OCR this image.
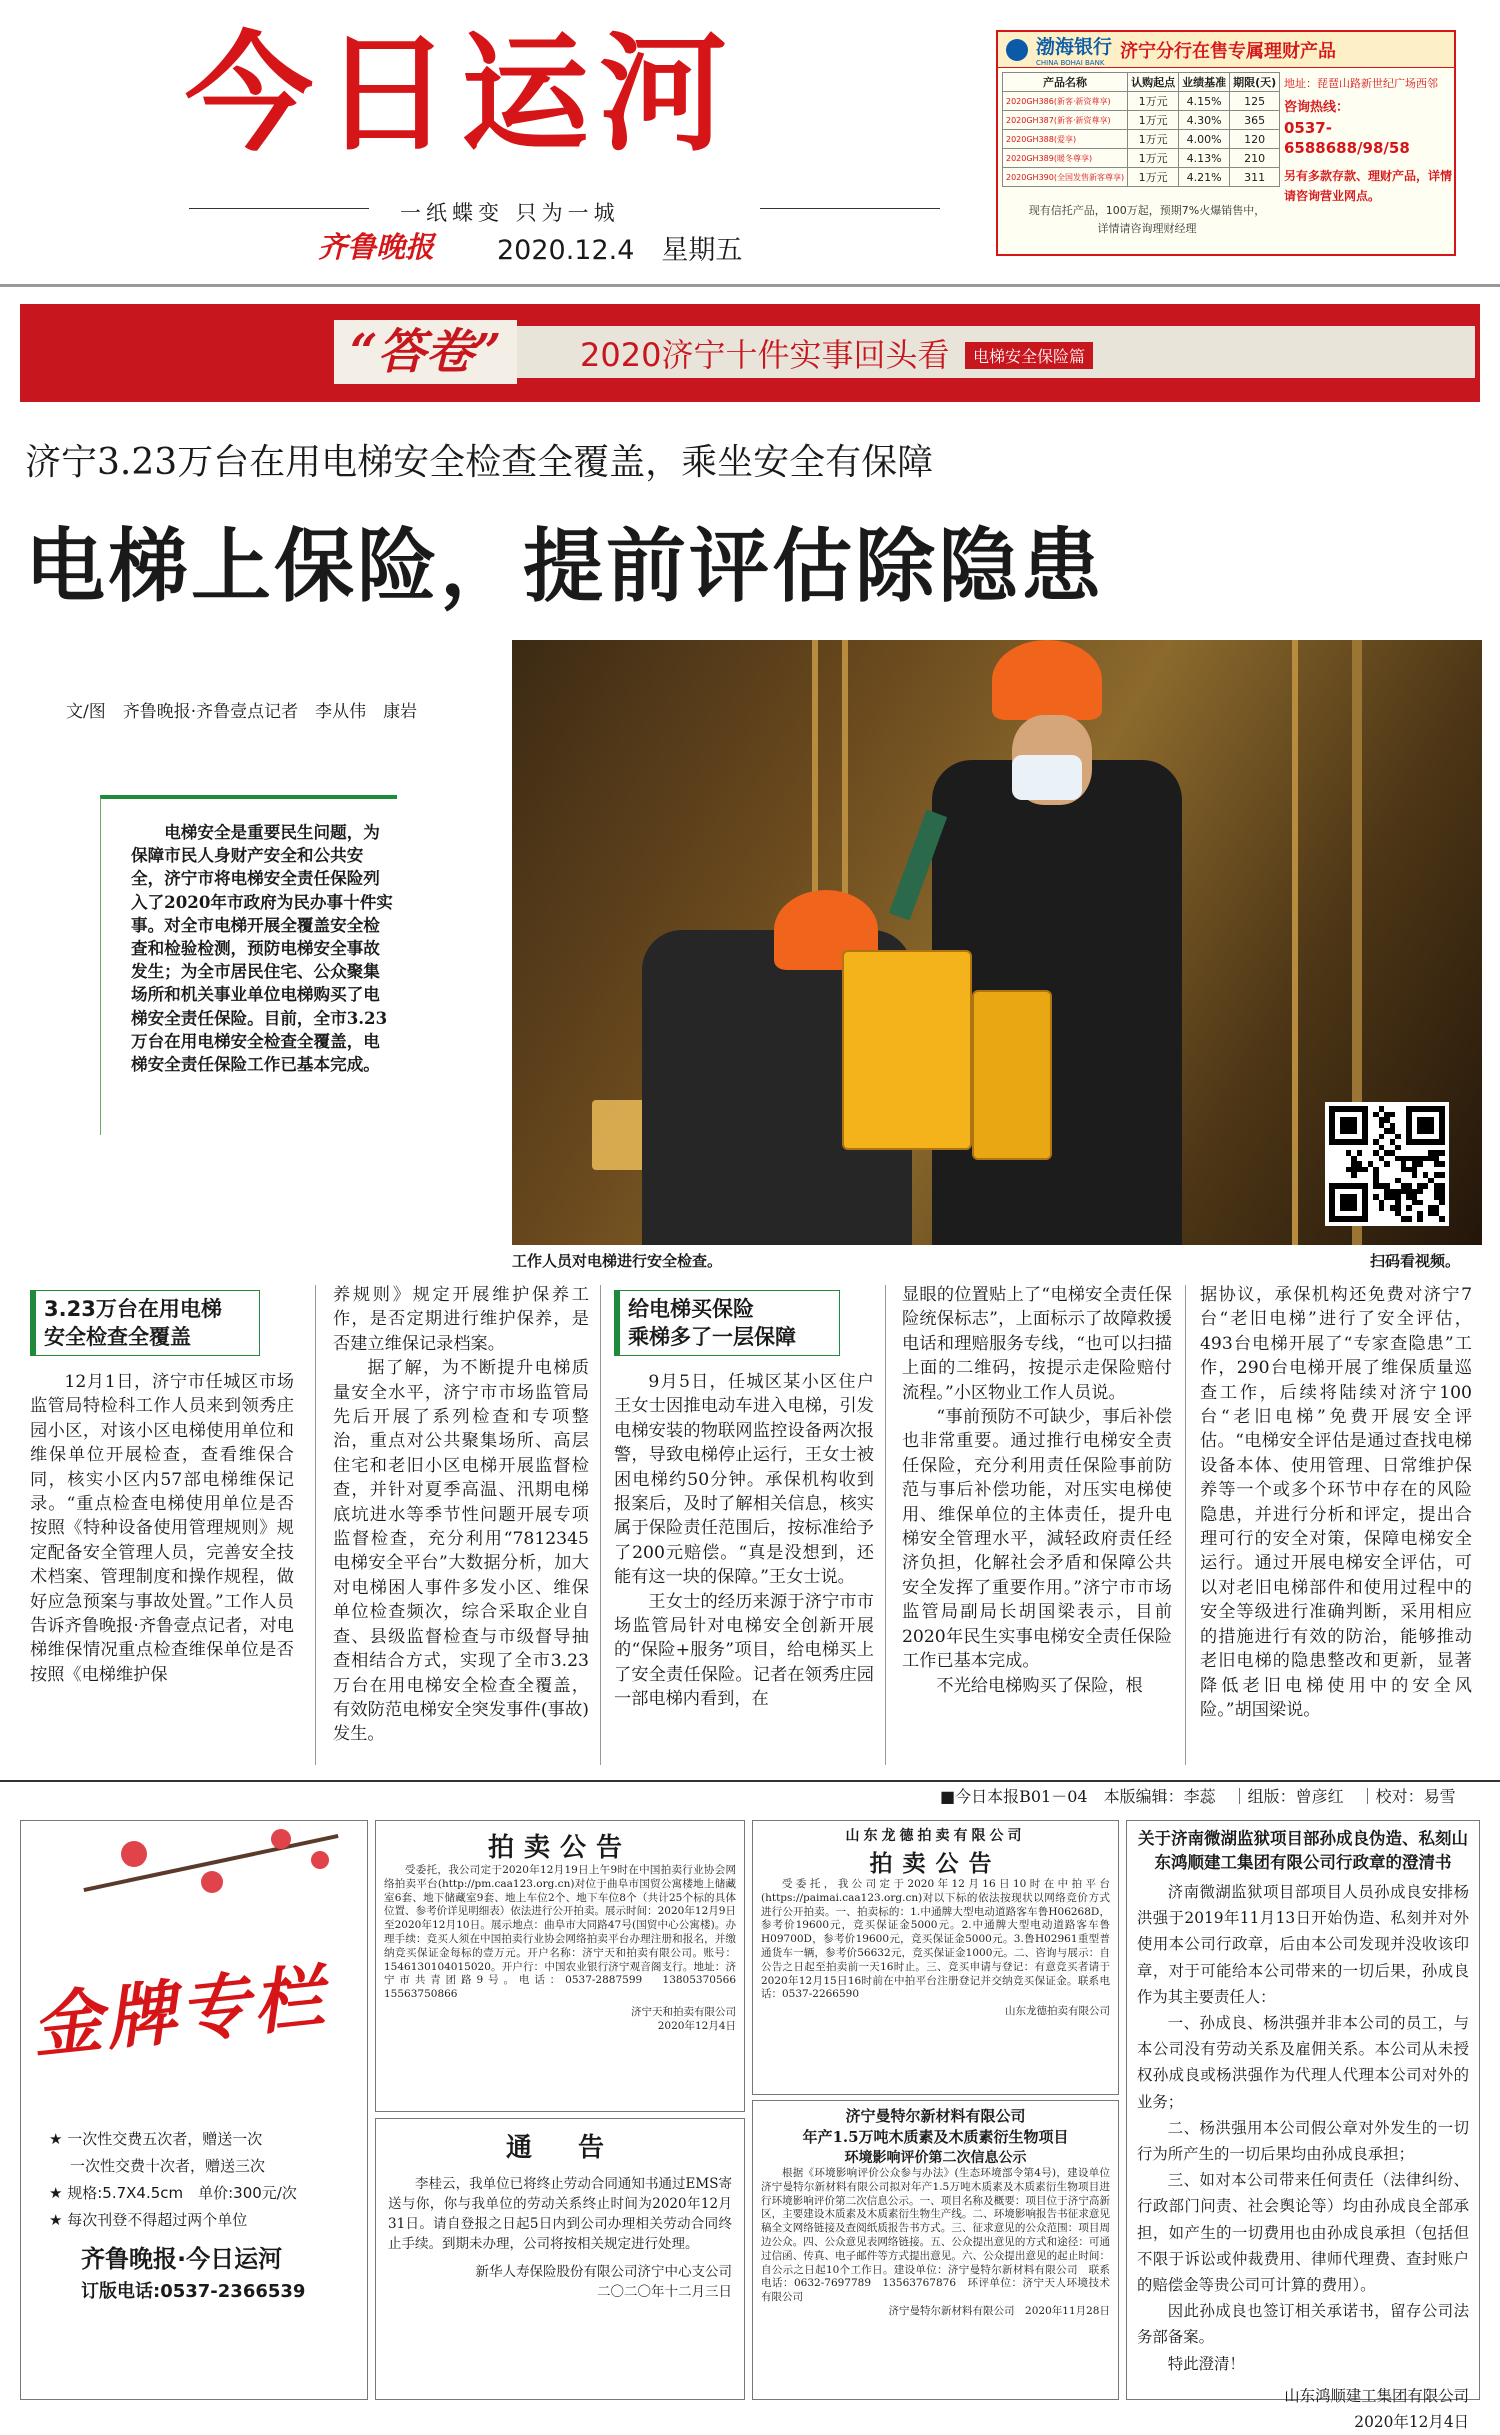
今日运河
一纸蝶变 只为一城
齐鲁晚报 2020.12.4　 星期五
渤海银行
CHINA BOHAI BANK
济宁分行在售专属理财产品
产品名称	认购起点	业绩基准	期限(天)
2020GH386(新客·新资尊享)	1万元	4.15%	125
2020GH387(新客·新资尊享)	1万元	4.30%	365
2020GH388(爱享)	1万元	4.00%	120
2020GH389(暖冬尊享)	1万元	4.13%	210
2020GH390(全国发售新客尊享)	1万元	4.21%	311
地址：琵琶山路新世纪广场西邻
咨询热线：
0537-6588688/98/58
另有多款存款、理财产品，详情请咨询营业网点。
现有信托产品，100万起，预期7%火爆销售中，
详情请咨询理财经理
“答卷”	2020济宁十件实事回头看	电梯安全保险篇
济宁3.23万台在用电梯安全检查全覆盖，乘坐安全有保障
电梯上保险，提前评估除隐患
文/图　齐鲁晚报·齐鲁壹点记者　李从伟　康岩
电梯安全是重要民生问题，为保障市民人身财产安全和公共安全，济宁市将电梯安全责任保险列入了2020年市政府为民办事十件实事。对全市电梯开展全覆盖安全检查和检验检测，预防电梯安全事故发生；为全市居民住宅、公众聚集场所和机关事业单位电梯购买了电梯安全责任保险。目前，全市3.23万台在用电梯安全检查全覆盖，电梯安全责任保险工作已基本完成。
工作人员对电梯进行安全检查。	扫码看视频。
3.23万台在用电梯
安全检查全覆盖
12月1日，济宁市任城区市场监管局特检科工作人员来到领秀庄园小区，对该小区电梯使用单位和维保单位开展检查，查看维保合同，核实小区内57部电梯维保记录。“重点检查电梯使用单位是否按照《特种设备使用管理规则》规定配备安全管理人员，完善安全技术档案、管理制度和操作规程，做好应急预案与事故处置。”工作人员告诉齐鲁晚报·齐鲁壹点记者，对电梯维保情况重点检查维保单位是否按照《电梯维护保

养规则》规定开展维护保养工作，是否定期进行维护保养，是否建立维保记录档案。

据了解，为不断提升电梯质量安全水平，济宁市市场监管局先后开展了系列检查和专项整治，重点对公共聚集场所、高层住宅和老旧小区电梯开展监督检查，并针对夏季高温、汛期电梯底坑进水等季节性问题开展专项监督检查，充分利用“7812345电梯安全平台”大数据分析，加大对电梯困人事件多发小区、维保单位检查频次，综合采取企业自查、县级监督检查与市级督导抽查相结合方式，实现了全市3.23万台在用电梯安全检查全覆盖，有效防范电梯安全突发事件(事故)发生。

给电梯买保险
乘梯多了一层保障

9月5日，任城区某小区住户王女士因推电动车进入电梯，引发电梯安装的物联网监控设备两次报警，导致电梯停止运行，王女士被困电梯约50分钟。承保机构收到报案后，及时了解相关信息，核实属于保险责任范围后，按标准给予了200元赔偿。“真是没想到，还能有这一块的保障。”王女士说。

王女士的经历来源于济宁市市场监管局针对电梯安全创新开展的“保险+服务”项目，给电梯买上了安全责任保险。记者在领秀庄园一部电梯内看到，在

显眼的位置贴上了“电梯安全责任保险统保标志”，上面标示了故障救援电话和理赔服务专线，“也可以扫描上面的二维码，按提示走保险赔付流程。”小区物业工作人员说。

“事前预防不可缺少，事后补偿也非常重要。通过推行电梯安全责任保险，充分利用责任保险事前防范与事后补偿功能，对压实电梯使用、维保单位的主体责任，提升电梯安全管理水平，減轻政府责任经济负担，化解社会矛盾和保障公共安全发挥了重要作用。”济宁市市场监管局副局长胡国梁表示，目前2020年民生实事电梯安全责任保险工作已基本完成。

不光给电梯购买了保险，根

据协议，承保机构还免费对济宁7台“老旧电梯”进行了安全评估，493台电梯开展了“专家查隐患”工作，290台电梯开展了维保质量巡查工作，后续将陆续对济宁100台“老旧电梯”免费开展安全评估。“电梯安全评估是通过查找电梯设备本体、使用管理、日常维护保养等一个或多个环节中存在的风险隐患，并进行分析和评定，提出合理可行的安全对策，保障电梯安全运行。通过开展电梯安全评估，可以对老旧电梯部件和使用过程中的安全等级进行准确判断，采用相应的措施进行有效的防治，能够推动老旧电梯的隐患整改和更新，显著降低老旧电梯使用中的安全风险。”胡国梁说。
■今日本报B01－04　本版编辑：李蕊　｜组版：曾彦红　｜校对：易雪
金牌专栏
★ 一次性交费五次者，赠送一次
一次性交费十次者，赠送三次
★ 规格:5.7X4.5cm　单价:300元/次
★ 每次刊登不得超过两个单位
齐鲁晚报·今日运河
订版电话:0537-2366539
拍卖公告
受委托，我公司定于2020年12月19日上午9时在中国拍卖行业协会网络拍卖平台(http://pm.caa123.org.cn)对位于曲阜市国贸公寓楼地上储藏室6套、地下储藏室9套、地上车位2个、地下车位8个（共计25个标的具体位置、参考价详见明细表）依法进行公开拍卖。展示时间：2020年12月9日至2020年12月10日。展示地点：曲阜市大同路47号(国贸中心公寓楼)。办理手续：竞买人须在中国拍卖行业协会网络拍卖平台办理注册和报名，并缴纳竞买保证金每标的壹万元。开户名称：济宁天和拍卖有限公司。账号：1546130104015020。开户行：中国农业银行济宁观音阁支行。地址：济宁市共青团路9号。电话：0537-2887599　13805370566　15563750866
济宁天和拍卖有限公司
2020年12月4日
通　告
李桂云，我单位已将终止劳动合同通知书通过EMS寄送与你，你与我单位的劳动关系终止时间为2020年12月31日。请自登报之日起5日内到公司办理相关劳动合同终止手续。到期未办理，公司将按相关规定进行处理。
新华人寿保险股份有限公司济宁中心支公司
二〇二〇年十二月三日
山东龙德拍卖有限公司
拍卖公告
受委托，我公司定于2020年12月16日10时在中拍平台(https://paimai.caa123.org.cn)对以下标的依法按现状以网络竞价方式进行公开拍卖。一、拍卖标的：1.中通牌大型电动道路客车鲁H06268D，参考价19600元，竞买保证金5000元。2.中通牌大型电动道路客车鲁H09700D，参考价19600元，竞买保证金5000元。3.鲁H02961重型普通货车一辆，参考价56632元，竞买保证金1000元。二、咨询与展示：自公告之日起至拍卖前一天16时止。三、竞买申请与登记：有意竞买者请于2020年12月15日16时前在中拍平台注册登记并交纳竞买保证金。联系电话：0537-2266590
山东龙德拍卖有限公司
济宁曼特尔新材料有限公司
年产1.5万吨木质素及木质素衍生物项目
环境影响评价第二次信息公示
根据《环境影响评价公众参与办法》(生态环境部令第4号)，建设单位济宁曼特尔新材料有限公司拟对年产1.5万吨木质素及木质素衍生物项目进行环境影响评价第二次信息公示。一、项目名称及概要：项目位于济宁高新区，主要建设木质素及木质素衍生物生产线。二、环境影响报告书征求意见稿全文网络链接及查阅纸质报告书方式。三、征求意见的公众范围：项目周边公众。四、公众意见表网络链接。五、公众提出意见的方式和途径：可通过信函、传真、电子邮件等方式提出意见。六、公众提出意见的起止时间：自公示之日起10个工作日。建设单位：济宁曼特尔新材料有限公司　联系电话：0632-7697789　13563767876　环评单位：济宁天人环境技术有限公司
济宁曼特尔新材料有限公司　2020年11月28日
关于济南微湖监狱项目部孙成良伪造、私刻山东鸿顺建工集团有限公司行政章的澄清书
济南微湖监狱项目部项目人员孙成良安排杨洪强于2019年11月13日开始伪造、私刻并对外使用本公司行政章，后由本公司发现并没收该印章，对于可能给本公司带来的一切后果，孙成良作为其主要责任人：
一、孙成良、杨洪强并非本公司的员工，与本公司没有劳动关系及雇佣关系。本公司从未授权孙成良或杨洪强作为代理人代理本公司对外的业务；
二、杨洪强用本公司假公章对外发生的一切行为所产生的一切后果均由孙成良承担；
三、如对本公司带来任何责任（法律纠纷、行政部门问责、社会舆论等）均由孙成良全部承担，如产生的一切费用也由孙成良承担（包括但不限于诉讼或仲裁费用、律师代理费、查封账户的赔偿金等贵公司可计算的费用）。
因此孙成良也签订相关承诺书，留存公司法务部备案。
特此澄清！
山东鸿顺建工集团有限公司
2020年12月4日
